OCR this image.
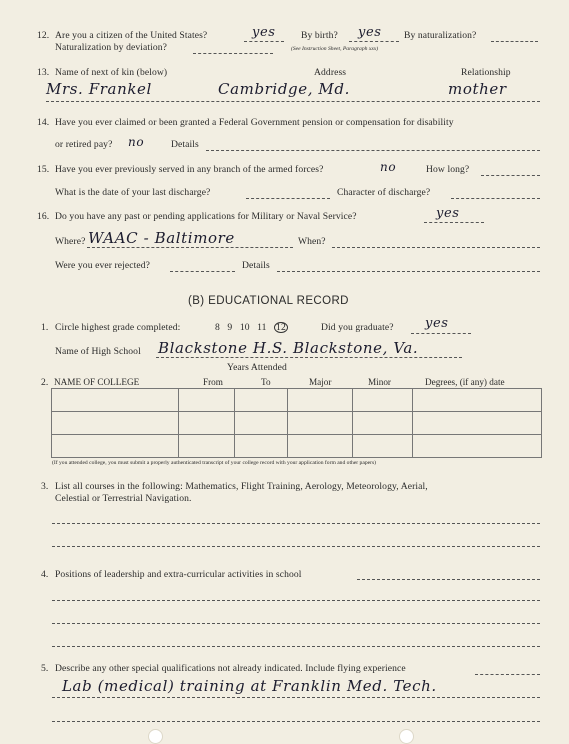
12. Are you a citizen of the United States?	yes	By birth? yes By naturalization?
Naturalization by deviation?	(See Instruction Sheet, Paragraph xxx)
13. Name of next of kin (below)	Address	Relationship
Mrs. Frankel	Cambridge, Md.	mother
14. Have you ever claimed or been granted a Federal Government pension or compensation for disability
or retired pay? no	Details
15. Have you ever previously served in any branch of the armed forces?	no	How long?
What is the date of your last discharge?	Character of discharge?
16. Do you have any past or pending applications for Military or Naval Service?	yes
Where? WAAC - Baltimore	When?
Were you ever rejected?	Details
(B) EDUCATIONAL RECORD
1. Circle highest grade completed:	8 9 10 11 12	Did you graduate? yes
Name of High School Blackstone H.S. Blackstone, Va.
Years Attended
2. NAME OF COLLEGE	From	To	Major	Minor	Degrees, (if any) date

(If you attended college, you must submit a properly authenticated transcript of your college record with your application form and other papers)
3. List all courses in the following: Mathematics, Flight Training, Aerology, Meteorology, Aerial,
Celestial or Terrestrial Navigation.
4. Positions of leadership and extra-curricular activities in school
5. Describe any other special qualifications not already indicated. Include flying experience
Lab (medical) training at Franklin Med. Tech.
